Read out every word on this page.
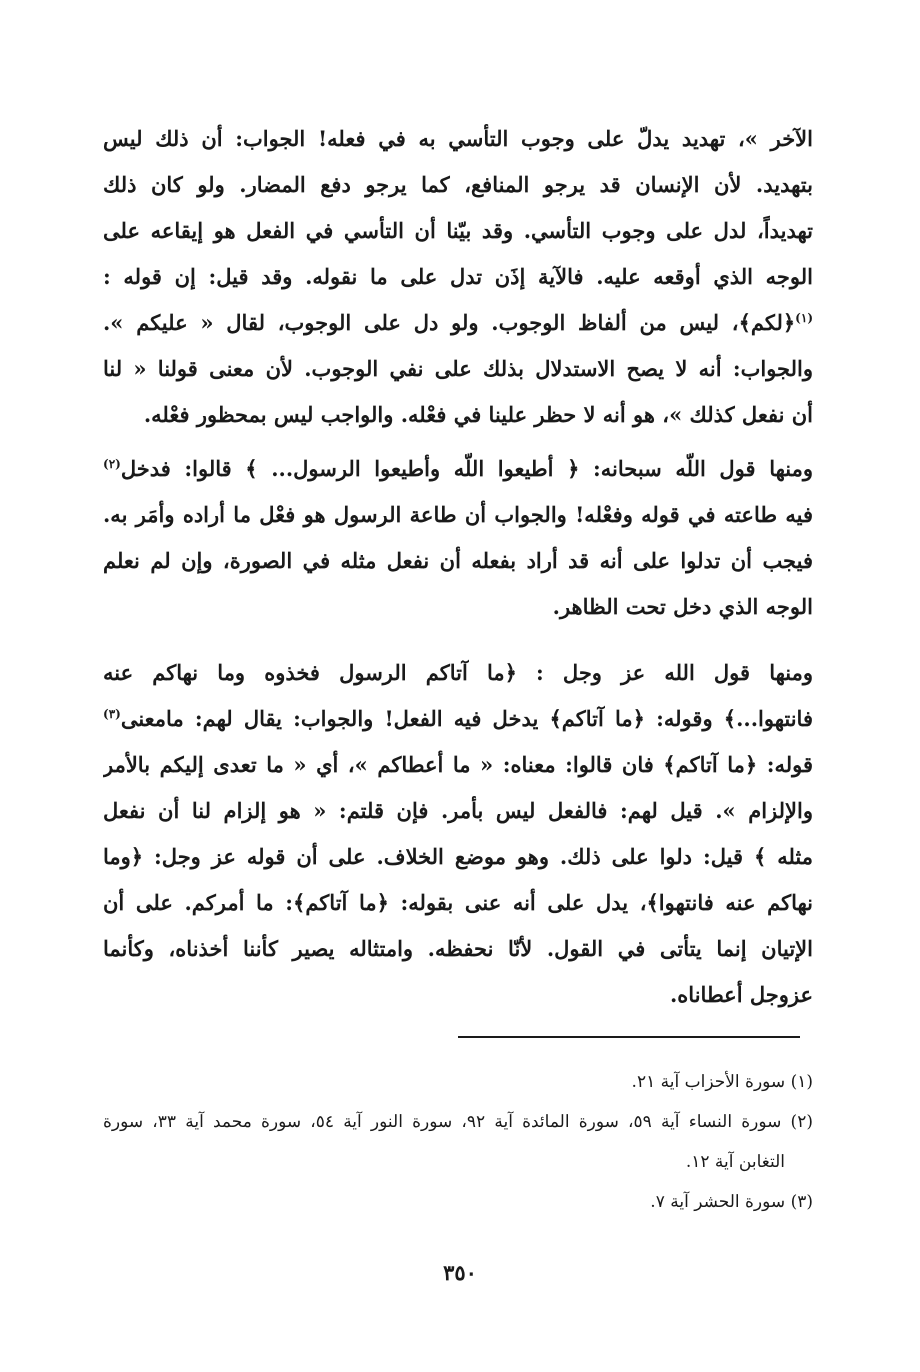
الآخر »، تهديد يدلّ على وجوب التأسي به في فعله! الجواب: أن ذلك ليس
بتهديد. لأن الإنسان قد يرجو المنافع، كما يرجو دفع المضار. ولو كان ذلك
تهديداً، لدل على وجوب التأسي. وقد بيّنا أن التأسي في الفعل هو إيقاعه على
الوجه الذي أوقعه عليه. فالآية إذَن تدل على ما نقوله. وقد قيل: إن قوله :
$^{(١)}$﴿لكم﴾، ليس من ألفاظ الوجوب. ولو دل على الوجوب، لقال « عليكم ».
والجواب: أنه لا يصح الاستدلال بذلك على نفي الوجوب. لأن معنى قولنا « لنا
أن نفعل كذلك »، هو أنه لا حظر علينا في فعْله. والواجب ليس بمحظور فعْله.
ومنها قول اللّه سبحانه: ﴿ أطيعوا اللّه وأطيعوا الرسول... ﴾ قالوا: فدخل$^{(٢)}$
فيه طاعته في قوله وفعْله! والجواب أن طاعة الرسول هو فعْل ما أراده وأمَر به.
فيجب أن تدلوا على أنه قد أراد بفعله أن نفعل مثله في الصورة، وإن لم نعلم
الوجه الذي دخل تحت الظاهر.
ومنها قول الله عز وجل : ﴿ما آتاكم الرسول فخذوه وما نهاكم عنه
فانتهوا...﴾ وقوله: ﴿ما آتاكم﴾ يدخل فيه الفعل! والجواب: يقال لهم: مامعنى$^{(٣)}$
قوله: ﴿ما آتاكم﴾ فان قالوا: معناه: « ما أعطاكم »، أي « ما تعدى إليكم بالأمر
والإلزام ». قيل لهم: فالفعل ليس بأمر. فإن قلتم: « هو إلزام لنا أن نفعل
مثله ﴾ قيل: دلوا على ذلك. وهو موضع الخلاف. على أن قوله عز وجل: ﴿وما
نهاكم عنه فانتهوا﴾، يدل على أنه عنى بقوله: ﴿ما آتاكم﴾: ما أمركم. على أن
الإتيان إنما يتأتى في القول. لأنّا نحفظه. وامتثاله يصير كأننا أخذناه، وكأنما
عزوجل أعطاناه.
(١) سورة الأحزاب آية ٢١.
(٢) سورة النساء آية ٥٩، سورة المائدة آية ٩٢، سورة النور آية ٥٤، سورة محمد آية ٣٣، سورة
التغابن آية ١٢.
(٣) سورة الحشر آية ٧.
٣٥٠
